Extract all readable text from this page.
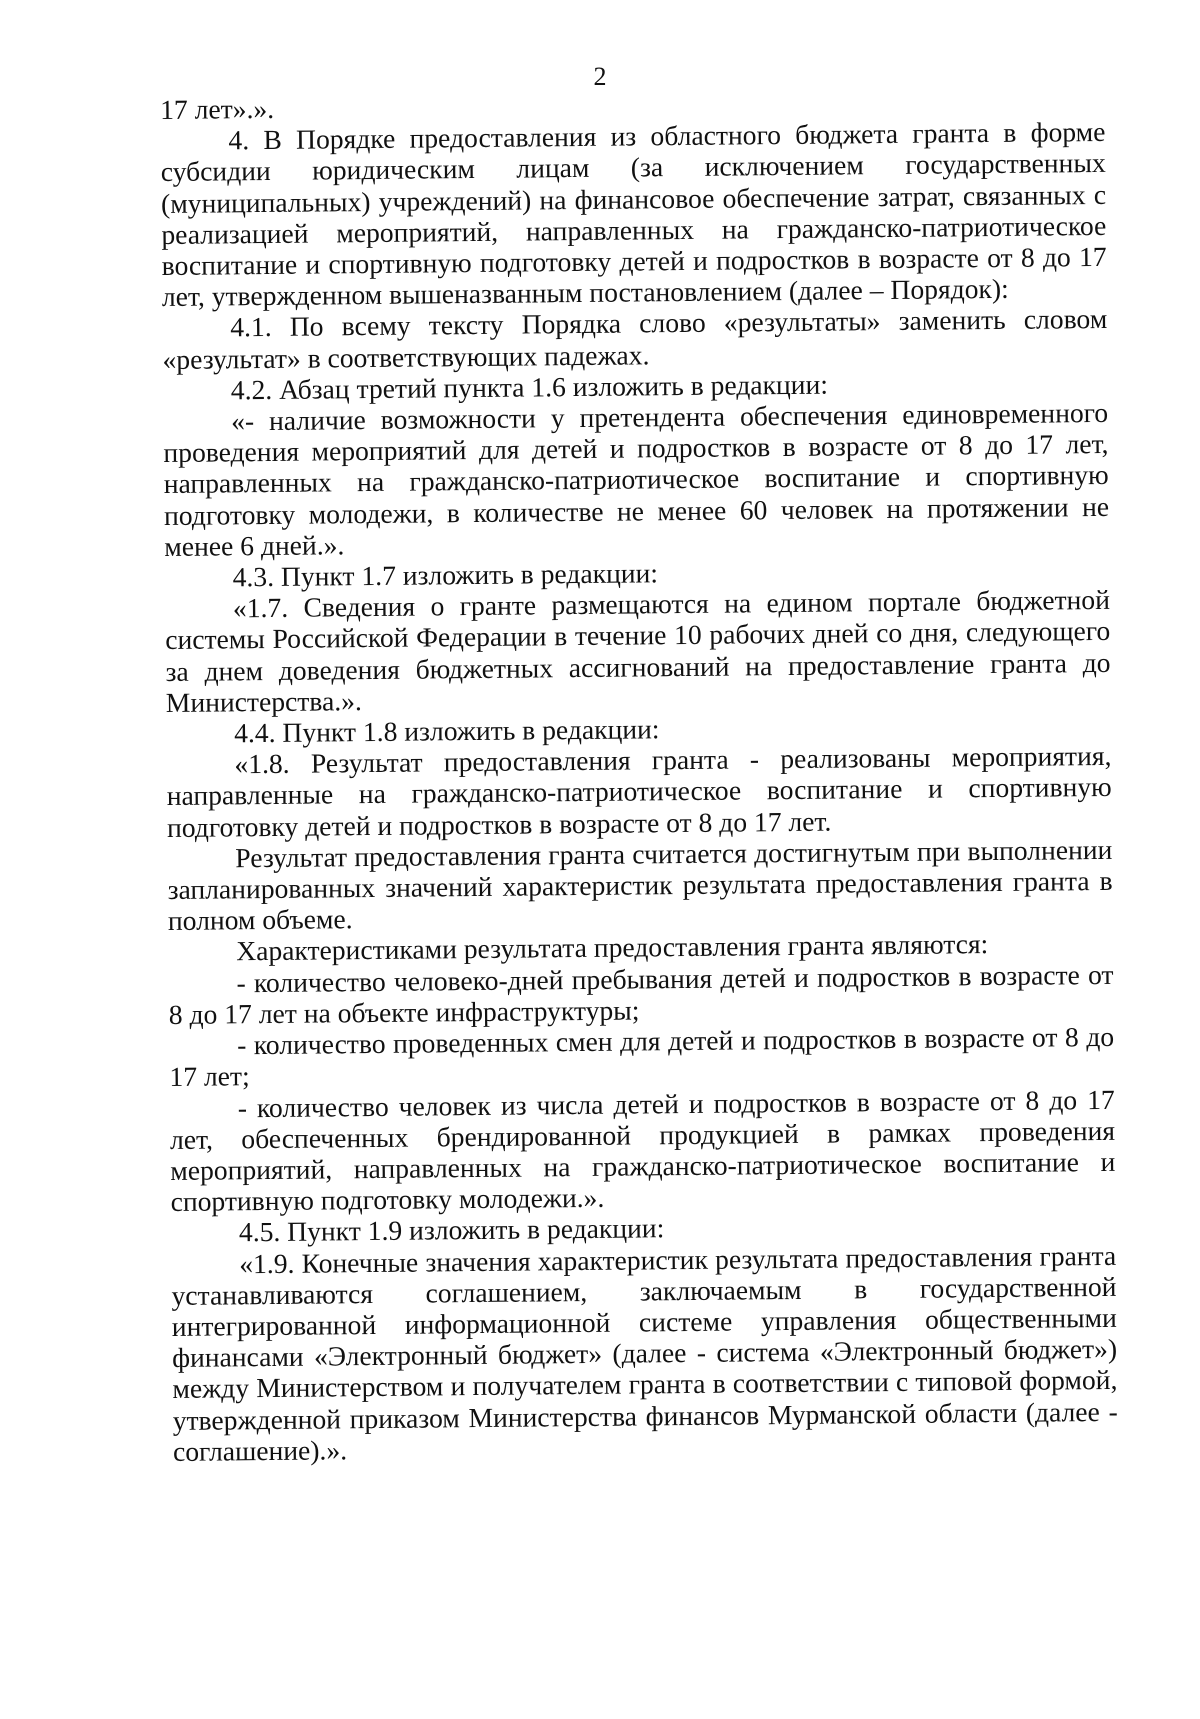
2

17 лет».».

4. В Порядке предоставления из областного бюджета гранта в форме субсидии юридическим лицам (за исключением государственных (муниципальных) учреждений) на финансовое обеспечение затрат, связанных с реализацией мероприятий, направленных на гражданско-патриотическое воспитание и спортивную подготовку детей и подростков в возрасте от 8 до 17 лет, утвержденном вышеназванным постановлением (далее – Порядок):

4.1. По всему тексту Порядка слово «результаты» заменить словом «результат» в соответствующих падежах.

4.2. Абзац третий пункта 1.6 изложить в редакции:

«- наличие возможности у претендента обеспечения единовременного проведения мероприятий для детей и подростков в возрасте от 8 до 17 лет, направленных на гражданско-патриотическое воспитание и спортивную подготовку молодежи, в количестве не менее 60 человек на протяжении не менее 6 дней.».

4.3. Пункт 1.7 изложить в редакции:

«1.7. Сведения о гранте размещаются на едином портале бюджетной системы Российской Федерации в течение 10 рабочих дней со дня, следующего за днем доведения бюджетных ассигнований на предоставление гранта до Министерства.».

4.4. Пункт 1.8 изложить в редакции:

«1.8. Результат предоставления гранта - реализованы мероприятия, направленные на гражданско-патриотическое воспитание и спортивную подготовку детей и подростков в возрасте от 8 до 17 лет.

Результат предоставления гранта считается достигнутым при выполнении запланированных значений характеристик результата предоставления гранта в полном объеме.

Характеристиками результата предоставления гранта являются:

- количество человеко-дней пребывания детей и подростков в возрасте от 8 до 17 лет на объекте инфраструктуры;

- количество проведенных смен для детей и подростков в возрасте от 8 до 17 лет;

- количество человек из числа детей и подростков в возрасте от 8 до 17 лет, обеспеченных брендированной продукцией в рамках проведения мероприятий, направленных на гражданско-патриотическое воспитание и спортивную подготовку молодежи.».

4.5. Пункт 1.9 изложить в редакции:

«1.9. Конечные значения характеристик результата предоставления гранта устанавливаются соглашением, заключаемым в государственной интегрированной информационной системе управления общественными финансами «Электронный бюджет» (далее - система «Электронный бюджет») между Министерством и получателем гранта в соответствии с типовой формой, утвержденной приказом Министерства финансов Мурманской области (далее - соглашение).».
